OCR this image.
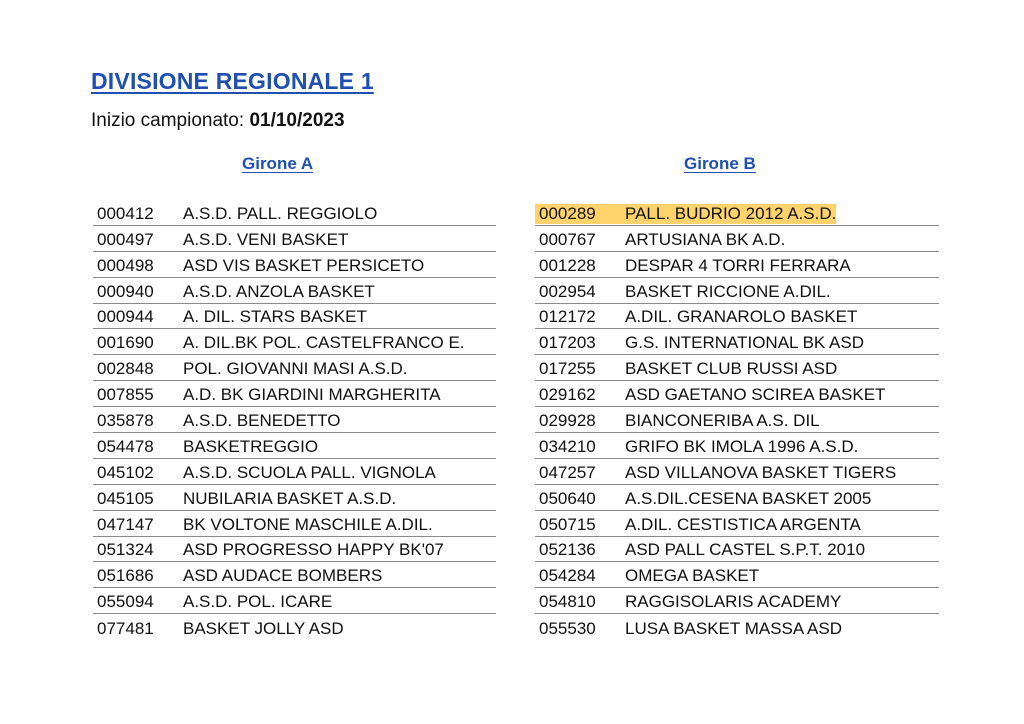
DIVISIONE REGIONALE 1
Inizio campionato: 01/10/2023
Girone A	Girone B
000412 A.S.D. PALL. REGGIOLO
000497 A.S.D. VENI BASKET
000498 ASD VIS BASKET PERSICETO
000940 A.S.D. ANZOLA BASKET
000944 A. DIL. STARS BASKET
001690 A. DIL.BK POL. CASTELFRANCO E.
002848 POL. GIOVANNI MASI A.S.D.
007855 A.D. BK GIARDINI MARGHERITA
035878 A.S.D. BENEDETTO
054478 BASKETREGGIO
045102 A.S.D. SCUOLA PALL. VIGNOLA
045105 NUBILARIA BASKET A.S.D.
047147 BK VOLTONE MASCHILE A.DIL.
051324 ASD PROGRESSO HAPPY BK'07
051686 ASD AUDACE BOMBERS
055094 A.S.D. POL. ICARE
077481 BASKET JOLLY ASD
000289 PALL. BUDRIO 2012 A.S.D.
000767 ARTUSIANA BK A.D.
001228 DESPAR 4 TORRI FERRARA
002954 BASKET RICCIONE A.DIL.
012172 A.DIL. GRANAROLO BASKET
017203 G.S. INTERNATIONAL BK ASD
017255 BASKET CLUB RUSSI ASD
029162 ASD GAETANO SCIREA BASKET
029928 BIANCONERIBA A.S. DIL
034210 GRIFO BK IMOLA 1996 A.S.D.
047257 ASD VILLANOVA BASKET TIGERS
050640 A.S.DIL.CESENA BASKET 2005
050715 A.DIL. CESTISTICA ARGENTA
052136 ASD PALL CASTEL S.P.T. 2010
054284 OMEGA BASKET
054810 RAGGISOLARIS ACADEMY
055530 LUSA BASKET MASSA ASD
